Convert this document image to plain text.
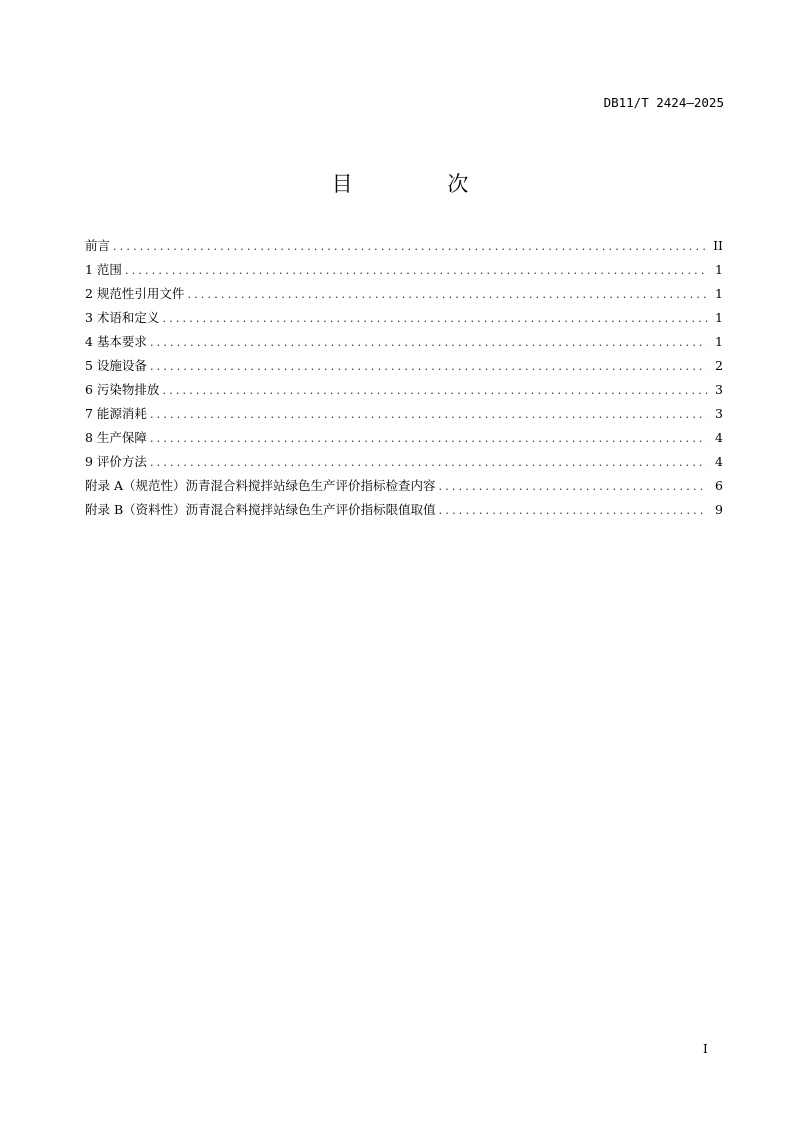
DB11/T 2424—2025
目 次
前言 .....	II
1 范围 .....	1
2 规范性引用文件 .....	1
3 术语和定义 .....	1
4 基本要求 .....	1
5 设施设备 .....	2
6 污染物排放 .....	3
7 能源消耗 .....	3
8 生产保障 .....	4
9 评价方法 .....	4
附录 A（规范性）沥青混合料搅拌站绿色生产评价指标检查内容 .....	6
附录 B（资料性）沥青混合料搅拌站绿色生产评价指标限值取值 .....	9
I
